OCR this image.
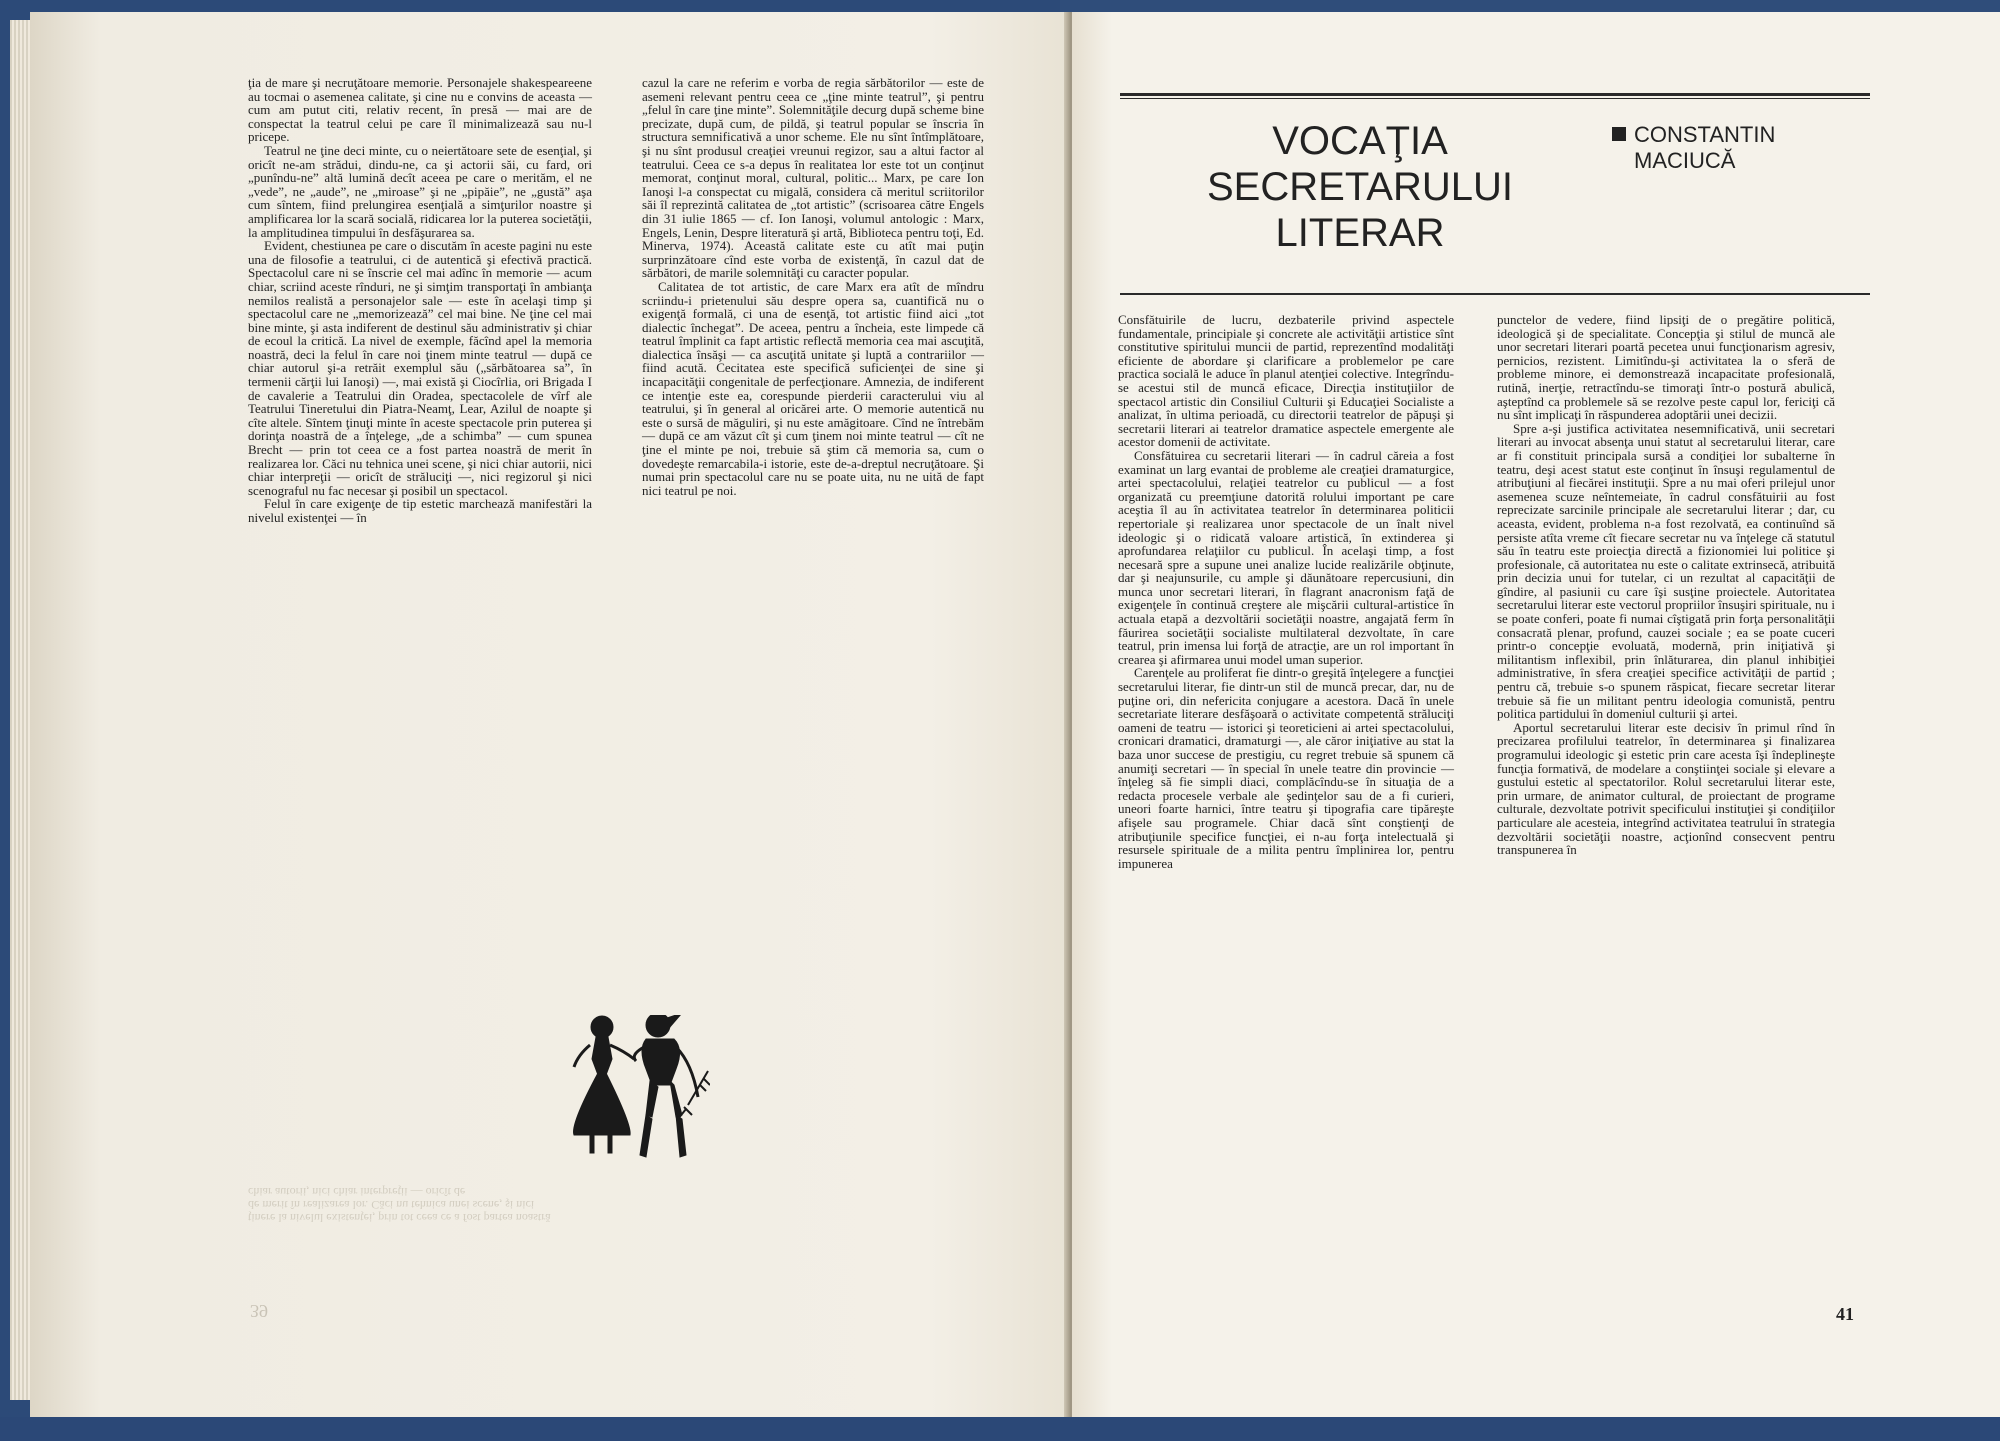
ţia de mare şi necruţătoare memorie. Personajele shakespeareene au tocmai o asemenea calitate, şi cine nu e convins de aceasta — cum am putut citi, relativ recent, în presă — mai are de conspectat la teatrul celui pe care îl minimalizează sau nu-l pricepe.

Teatrul ne ţine deci minte, cu o neiertătoare sete de esenţial, şi oricît ne-am strădui, dindu-ne, ca şi actorii săi, cu fard, ori „punîndu-ne” altă lumină decît aceea pe care o merităm, el ne „vede”, ne „aude”, ne „miroase” şi ne „pipăie”, ne „gustă” aşa cum sîntem, fiind prelungirea esenţială a simţurilor noastre şi amplificarea lor la scară socială, ridicarea lor la puterea societăţii, la amplitudinea timpului în desfăşurarea sa.

Evident, chestiunea pe care o discutăm în aceste pagini nu este una de filosofie a teatrului, ci de autentică şi efectivă practică. Spectacolul care ni se înscrie cel mai adînc în memorie — acum chiar, scriind aceste rînduri, ne şi simţim transportaţi în ambianţa nemilos realistă a personajelor sale — este în acelaşi timp şi spectacolul care ne „memorizează” cel mai bine. Ne ţine cel mai bine minte, şi asta indiferent de destinul său administrativ şi chiar de ecoul la critică. La nivel de exemple, făcînd apel la memoria noastră, deci la felul în care noi ţinem minte teatrul — după ce chiar autorul şi-a retrăit exemplul său („sărbătoarea sa”, în termenii cărţii lui Ianoşi) —, mai există şi Ciocîrlia, ori Brigada I de cavalerie a Teatrului din Oradea, spectacolele de vîrf ale Teatrului Tineretului din Piatra-Neamţ, Lear, Azilul de noapte şi cîte altele. Sîntem ţinuţi minte în aceste spectacole prin puterea şi dorinţa noastră de a înţelege, „de a schimba” — cum spunea Brecht — prin tot ceea ce a fost partea noastră de merit în realizarea lor. Căci nu tehnica unei scene, şi nici chiar autorii, nici chiar interpreţii — oricît de străluciţi —, nici regizorul şi nici scenograful nu fac necesar şi posibil un spectacol.

Felul în care exigenţe de tip estetic marchează manifestări la nivelul existenţei — în

cazul la care ne referim e vorba de regia sărbătorilor — este de asemeni relevant pentru ceea ce „ţine minte teatrul”, şi pentru „felul în care ţine minte”. Solemnităţile decurg după scheme bine precizate, după cum, de pildă, şi teatrul popular se înscria în structura semnificativă a unor scheme. Ele nu sînt întîmplătoare, şi nu sînt produsul creaţiei vreunui regizor, sau a altui factor al teatrului. Ceea ce s-a depus în realitatea lor este tot un conţinut memorat, conţinut moral, cultural, politic... Marx, pe care Ion Ianoşi l-a conspectat cu migală, considera că meritul scriitorilor săi îl reprezintă calitatea de „tot artistic” (scrisoarea către Engels din 31 iulie 1865 — cf. Ion Ianoşi, volumul antologic : Marx, Engels, Lenin, Despre literatură şi artă, Biblioteca pentru toţi, Ed. Minerva, 1974). Această calitate este cu atît mai puţin surprinzătoare cînd este vorba de existenţă, în cazul dat de sărbători, de marile solemnităţi cu caracter popular.

Calitatea de tot artistic, de care Marx era atît de mîndru scriindu-i prietenului său despre opera sa, cuantifică nu o exigenţă formală, ci una de esenţă, tot artistic fiind aici „tot dialectic închegat”. De aceea, pentru a încheia, este limpede că teatrul împlinit ca fapt artistic reflectă memoria cea mai ascuţită, dialectica însăşi — ca ascuţită unitate şi luptă a contrariilor — fiind acută. Cecitatea este specifică suficienţei de sine şi incapacităţii congenitale de perfecţionare. Amnezia, de indiferent ce intenţie este ea, corespunde pierderii caracterului viu al teatrului, şi în general al oricărei arte. O memorie autentică nu este o sursă de măguliri, şi nu este amăgitoare. Cînd ne întrebăm — după ce am văzut cît şi cum ţinem noi minte teatrul — cît ne ţine el minte pe noi, trebuie să ştim că memoria sa, cum o dovedeşte remarcabila-i istorie, este de-a-dreptul necruţătoare. Şi numai prin spectacolul care nu se poate uita, nu ne uită de fapt nici teatrul pe noi.

ţinere la nivelul existenţei, prin tot ceea ce a fost partea noastră de merit în realizarea lor. Căci nu tehnica unei scene, şi nici chiar autorii, nici chiar interpreţii — oricît de
39
VOCAŢIA
SECRETARULUI
LITERAR
CONSTANTIN
MACIUCĂ

Consfătuirile de lucru, dezbaterile privind aspectele fundamentale, principiale şi concrete ale activităţii artistice sînt constitutive spiritului muncii de partid, reprezentînd modalităţi eficiente de abordare şi clarificare a problemelor pe care practica socială le aduce în planul atenţiei colective. Integrîndu-se acestui stil de muncă eficace, Direcţia instituţiilor de spectacol artistic din Consiliul Culturii şi Educaţiei Socialiste a analizat, în ultima perioadă, cu directorii teatrelor de păpuşi şi secretarii literari ai teatrelor dramatice aspectele emergente ale acestor domenii de activitate.

Consfătuirea cu secretarii literari — în cadrul căreia a fost examinat un larg evantai de probleme ale creaţiei dramaturgice, artei spectacolului, relaţiei teatrelor cu publicul — a fost organizată cu preemţiune datorită rolului important pe care aceştia îl au în activitatea teatrelor în determinarea politicii repertoriale şi realizarea unor spectacole de un înalt nivel ideologic şi o ridicată valoare artistică, în extinderea şi aprofundarea relaţiilor cu publicul. În acelaşi timp, a fost necesară spre a supune unei analize lucide realizările obţinute, dar şi neajunsurile, cu ample şi dăunătoare repercusiuni, din munca unor secretari literari, în flagrant anacronism faţă de exigenţele în continuă creştere ale mişcării cultural-artistice în actuala etapă a dezvoltării societăţii noastre, angajată ferm în făurirea societăţii socialiste multilateral dezvoltate, în care teatrul, prin imensa lui forţă de atracţie, are un rol important în crearea şi afirmarea unui model uman superior.

Carenţele au proliferat fie dintr-o greşită înţelegere a funcţiei secretarului literar, fie dintr-un stil de muncă precar, dar, nu de puţine ori, din nefericita conjugare a acestora. Dacă în unele secretariate literare desfăşoară o activitate competentă străluciţi oameni de teatru — istorici şi teoreticieni ai artei spectacolului, cronicari dramatici, dramaturgi —, ale căror iniţiative au stat la baza unor succese de prestigiu, cu regret trebuie să spunem că anumiţi secretari — în special în unele teatre din provincie — înţeleg să fie simpli diaci, complăcîndu-se în situaţia de a redacta procesele verbale ale şedinţelor sau de a fi curieri, uneori foarte harnici, între teatru şi tipografia care tipăreşte afişele sau programele. Chiar dacă sînt conştienţi de atribuţiunile specifice funcţiei, ei n-au forţa intelectuală şi resursele spirituale de a milita pentru împlinirea lor, pentru impunerea

punctelor de vedere, fiind lipsiţi de o pregătire politică, ideologică şi de specialitate. Concepţia şi stilul de muncă ale unor secretari literari poartă pecetea unui funcţionarism agresiv, pernicios, rezistent. Limitîndu-şi activitatea la o sferă de probleme minore, ei demonstrează incapacitate profesională, rutină, inerţie, retractîndu-se timoraţi într-o postură abulică, aşteptînd ca problemele să se rezolve peste capul lor, fericiţi că nu sînt implicaţi în răspunderea adoptării unei decizii.

Spre a-şi justifica activitatea nesemnificativă, unii secretari literari au invocat absenţa unui statut al secretarului literar, care ar fi constituit principala sursă a condiţiei lor subalterne în teatru, deşi acest statut este conţinut în însuşi regulamentul de atribuţiuni al fiecărei instituţii. Spre a nu mai oferi prilejul unor asemenea scuze neîntemeiate, în cadrul consfătuirii au fost reprecizate sarcinile principale ale secretarului literar ; dar, cu aceasta, evident, problema n-a fost rezolvată, ea continuînd să persiste atîta vreme cît fiecare secretar nu va înţelege că statutul său în teatru este proiecţia directă a fizionomiei lui politice şi profesionale, că autoritatea nu este o calitate extrinsecă, atribuită prin decizia unui for tutelar, ci un rezultat al capacităţii de gîndire, al pasiunii cu care îşi susţine proiectele. Autoritatea secretarului literar este vectorul propriilor însuşiri spirituale, nu i se poate conferi, poate fi numai cîştigată prin forţa personalităţii consacrată plenar, profund, cauzei sociale ; ea se poate cuceri printr-o concepţie evoluată, modernă, prin iniţiativă şi militantism inflexibil, prin înlăturarea, din planul inhibiţiei administrative, în sfera creaţiei specifice activităţii de partid ; pentru că, trebuie s-o spunem răspicat, fiecare secretar literar trebuie să fie un militant pentru ideologia comunistă, pentru politica partidului în domeniul culturii şi artei.

Aportul secretarului literar este decisiv în primul rînd în precizarea profilului teatrelor, în determinarea şi finalizarea programului ideologic şi estetic prin care acesta îşi îndeplineşte funcţia formativă, de modelare a conştiinţei sociale şi elevare a gustului estetic al spectatorilor. Rolul secretarului literar este, prin urmare, de animator cultural, de proiectant de programe culturale, dezvoltate potrivit specificului instituţiei şi condiţiilor particulare ale acesteia, integrînd activitatea teatrului în strategia dezvoltării societăţii noastre, acţionînd consecvent pentru transpunerea în

41
